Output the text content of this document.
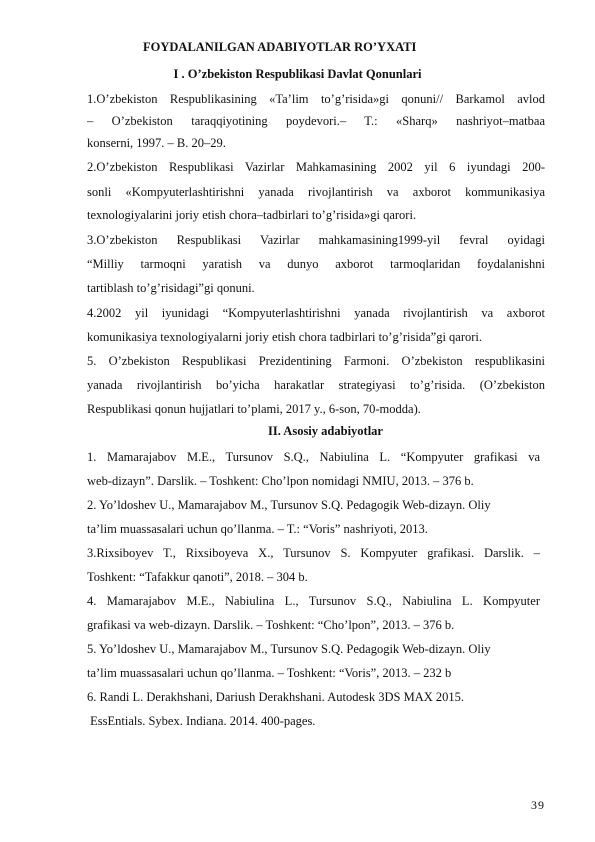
FOYDALANILGAN ADABIYOTLAR RO’YXATI
I . O’zbekiston Respublikasi Davlat Qonunlari
1.O’zbekiston Respublikasining «Ta’lim to’g’risida»gi qonuni// Barkamol avlod
– O’zbekiston taraqqiyotining poydevori.– T.: «Sharq» nashriyot–matbaa
konserni, 1997. – B. 20–29.
2.O’zbekiston Respublikasi Vazirlar Mahkamasining 2002 yil 6 iyundagi 200-
sonli «Kompyuterlashtirishni yanada rivojlantirish va axborot kommunikasiya
texnologiyalarini joriy etish chora–tadbirlari to’g’risida»gi qarori.
3.O’zbekiston Respublikasi Vazirlar mahkamasining1999-yil fevral oyidagi
“Milliy tarmoqni yaratish va dunyo axborot tarmoqlaridan foydalanishni
tartiblash to’g’risidagi”gi qonuni.
4.2002 yil iyunidagi “Kompyuterlashtirishni yanada rivojlantirish va axborot
komunikasiya texnologiyalarni joriy etish chora tadbirlari to’g’risida”gi qarori.
5. O’zbekiston Respublikasi Prezidentining Farmoni. O’zbekiston respublikasini
yanada rivojlantirish bo’yicha harakatlar strategiyasi to’g’risida. (O’zbekiston
Respublikasi qonun hujjatlari to’plami, 2017 y., 6-son, 70-modda).
II. Asosiy adabiyotlar
1. Mamarajabov M.E., Tursunov S.Q., Nabiulina L. “Kompyuter grafikasi va
web-dizayn”. Darslik. – Toshkent: Cho’lpon nomidagi NMIU, 2013. – 376 b.
2. Yo’ldoshev U., Mamarajabov M., Tursunov S.Q. Pedagogik Web-dizayn. Oliy
ta’lim muassasalari uchun qo’llanma. – T.: “Voris” nashriyoti, 2013.
3.Rixsiboyev T., Rixsiboyeva X., Tursunov S. Kompyuter grafikasi. Darslik. –
Toshkent: “Tafakkur qanoti”, 2018. – 304 b.
4. Mamarajabov M.E., Nabiulina L., Tursunov S.Q., Nabiulina L. Kompyuter
grafikasi va web-dizayn. Darslik. – Toshkent: “Cho’lpon”, 2013. – 376 b.
5. Yo’ldoshev U., Mamarajabov M., Tursunov S.Q. Pedagogik Web-dizayn. Oliy
ta’lim muassasalari uchun qo’llanma. – Toshkent: “Voris”, 2013. – 232 b
6. Randi L. Derakhshani, Dariush Derakhshani. Autodesk 3DS MAX 2015.
EssEntials. Sybex. Indiana. 2014. 400-pages.
39
